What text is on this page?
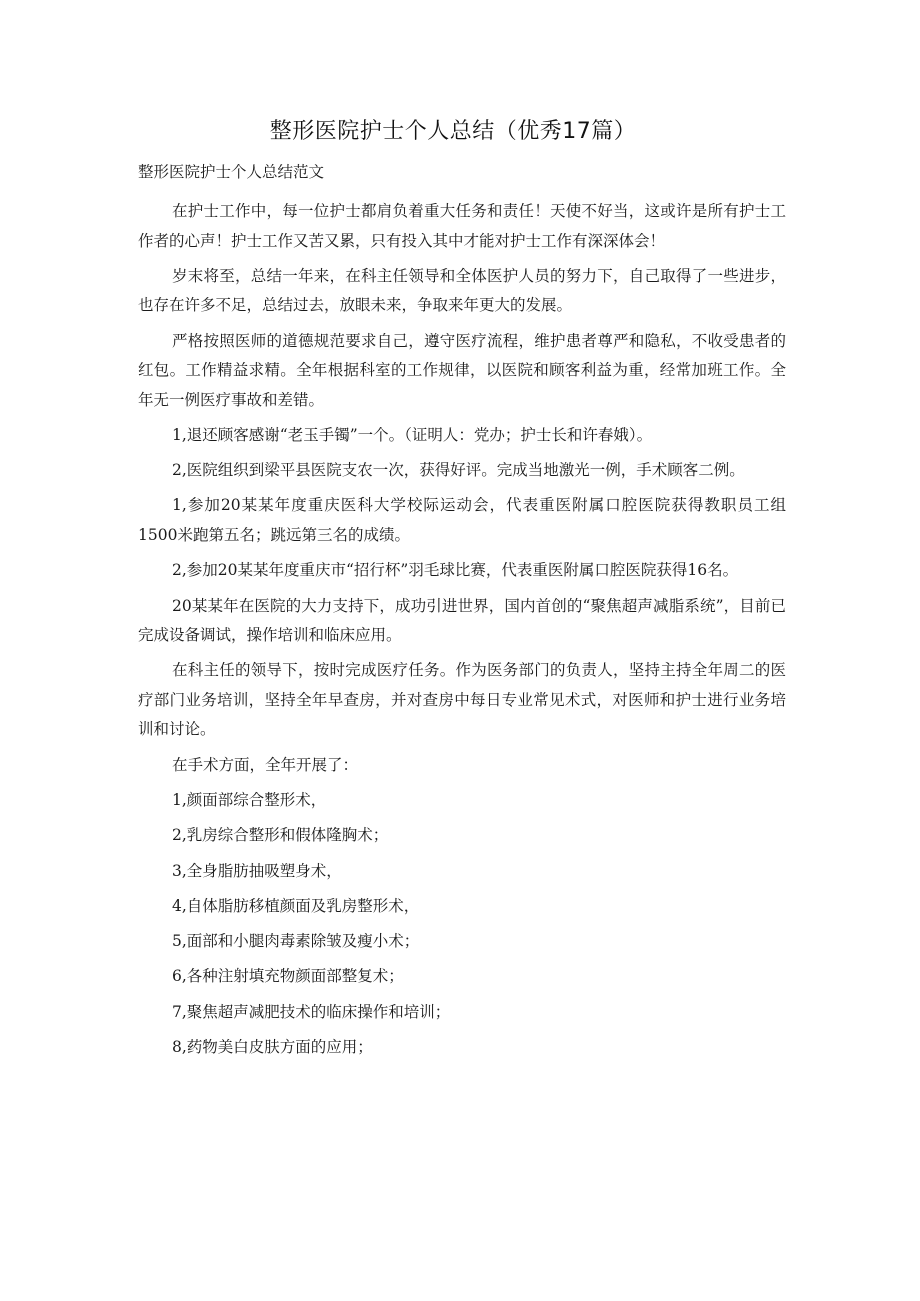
整形医院护士个人总结（优秀17篇）
整形医院护士个人总结范文

在护士工作中，每一位护士都肩负着重大任务和责任！天使不好当，这或许是所有护士工作者的心声！护士工作又苦又累，只有投入其中才能对护士工作有深深体会！

岁末将至，总结一年来，在科主任领导和全体医护人员的努力下，自己取得了一些进步，也存在许多不足，总结过去，放眼未来，争取来年更大的发展。

严格按照医师的道德规范要求自己，遵守医疗流程，维护患者尊严和隐私，不收受患者的红包。工作精益求精。全年根据科室的工作规律，以医院和顾客利益为重，经常加班工作。全年无一例医疗事故和差错。

1,退还顾客感谢“老玉手镯”一个。（证明人：党办；护士长和许春娥）。

2,医院组织到梁平县医院支农一次，获得好评。完成当地激光一例，手术顾客二例。

1,参加20某某年度重庆医科大学校际运动会，代表重医附属口腔医院获得教职员工组1500米跑第五名；跳远第三名的成绩。

2,参加20某某年度重庆市“招行杯”羽毛球比赛，代表重医附属口腔医院获得16名。

20某某年在医院的大力支持下，成功引进世界，国内首创的“聚焦超声减脂系统”，目前已完成设备调试，操作培训和临床应用。

在科主任的领导下，按时完成医疗任务。作为医务部门的负责人，坚持主持全年周二的医疗部门业务培训，坚持全年早查房，并对查房中每日专业常见术式，对医师和护士进行业务培训和讨论。

在手术方面，全年开展了：

1,颜面部综合整形术，

2,乳房综合整形和假体隆胸术；

3,全身脂肪抽吸塑身术，

4,自体脂肪移植颜面及乳房整形术，

5,面部和小腿肉毒素除皱及瘦小术；

6,各种注射填充物颜面部整复术；

7,聚焦超声减肥技术的临床操作和培训；

8,药物美白皮肤方面的应用；
